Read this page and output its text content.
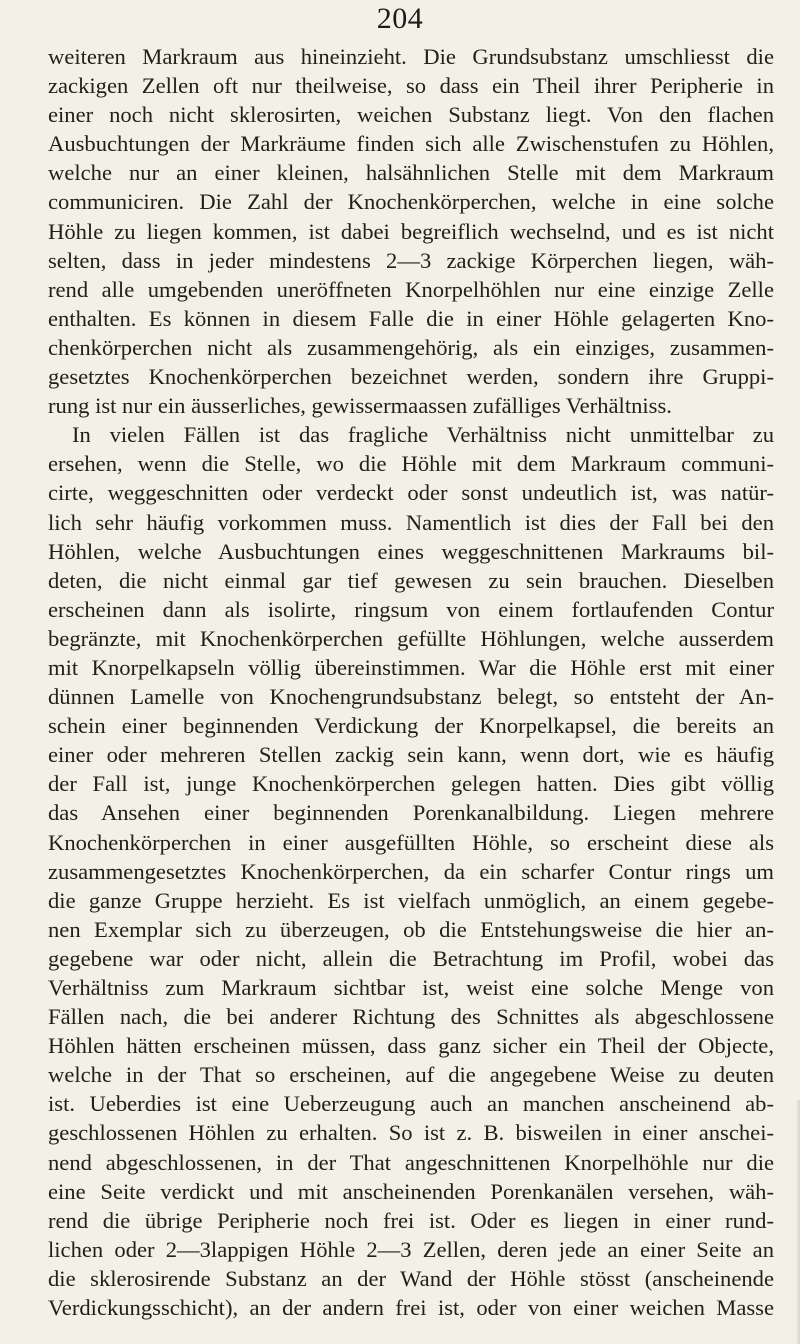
204
weiteren Markraum aus hineinzieht. Die Grundsubstanz umschliesst die
zackigen Zellen oft nur theilweise, so dass ein Theil ihrer Peripherie in
einer noch nicht sklerosirten, weichen Substanz liegt. Von den flachen
Ausbuchtungen der Markräume finden sich alle Zwischenstufen zu Höhlen,
welche nur an einer kleinen, halsähnlichen Stelle mit dem Markraum
communiciren. Die Zahl der Knochenkörperchen, welche in eine solche
Höhle zu liegen kommen, ist dabei begreiflich wechselnd, und es ist nicht
selten, dass in jeder mindestens 2—3 zackige Körperchen liegen, wäh-
rend alle umgebenden uneröffneten Knorpelhöhlen nur eine einzige Zelle
enthalten. Es können in diesem Falle die in einer Höhle gelagerten Kno-
chenkörperchen nicht als zusammengehörig, als ein einziges, zusammen-
gesetztes Knochenkörperchen bezeichnet werden, sondern ihre Gruppi-
rung ist nur ein äusserliches, gewissermaassen zufälliges Verhältniss.
In vielen Fällen ist das fragliche Verhältniss nicht unmittelbar zu
ersehen, wenn die Stelle, wo die Höhle mit dem Markraum communi-
cirte, weggeschnitten oder verdeckt oder sonst undeutlich ist, was natür-
lich sehr häufig vorkommen muss. Namentlich ist dies der Fall bei den
Höhlen, welche Ausbuchtungen eines weggeschnittenen Markraums bil-
deten, die nicht einmal gar tief gewesen zu sein brauchen. Dieselben
erscheinen dann als isolirte, ringsum von einem fortlaufenden Contur
begränzte, mit Knochenkörperchen gefüllte Höhlungen, welche ausserdem
mit Knorpelkapseln völlig übereinstimmen. War die Höhle erst mit einer
dünnen Lamelle von Knochengrundsubstanz belegt, so entsteht der An-
schein einer beginnenden Verdickung der Knorpelkapsel, die bereits an
einer oder mehreren Stellen zackig sein kann, wenn dort, wie es häufig
der Fall ist, junge Knochenkörperchen gelegen hatten. Dies gibt völlig
das Ansehen einer beginnenden Porenkanalbildung. Liegen mehrere
Knochenkörperchen in einer ausgefüllten Höhle, so erscheint diese als
zusammengesetztes Knochenkörperchen, da ein scharfer Contur rings um
die ganze Gruppe herzieht. Es ist vielfach unmöglich, an einem gegebe-
nen Exemplar sich zu überzeugen, ob die Entstehungsweise die hier an-
gegebene war oder nicht, allein die Betrachtung im Profil, wobei das
Verhältniss zum Markraum sichtbar ist, weist eine solche Menge von
Fällen nach, die bei anderer Richtung des Schnittes als abgeschlossene
Höhlen hätten erscheinen müssen, dass ganz sicher ein Theil der Objecte,
welche in der That so erscheinen, auf die angegebene Weise zu deuten
ist. Ueberdies ist eine Ueberzeugung auch an manchen anscheinend ab-
geschlossenen Höhlen zu erhalten. So ist z. B. bisweilen in einer anschei-
nend abgeschlossenen, in der That angeschnittenen Knorpelhöhle nur die
eine Seite verdickt und mit anscheinenden Porenkanälen versehen, wäh-
rend die übrige Peripherie noch frei ist. Oder es liegen in einer rund-
lichen oder 2—3lappigen Höhle 2—3 Zellen, deren jede an einer Seite an
die sklerosirende Substanz an der Wand der Höhle stösst (anscheinende
Verdickungsschicht), an der andern frei ist, oder von einer weichen Masse
